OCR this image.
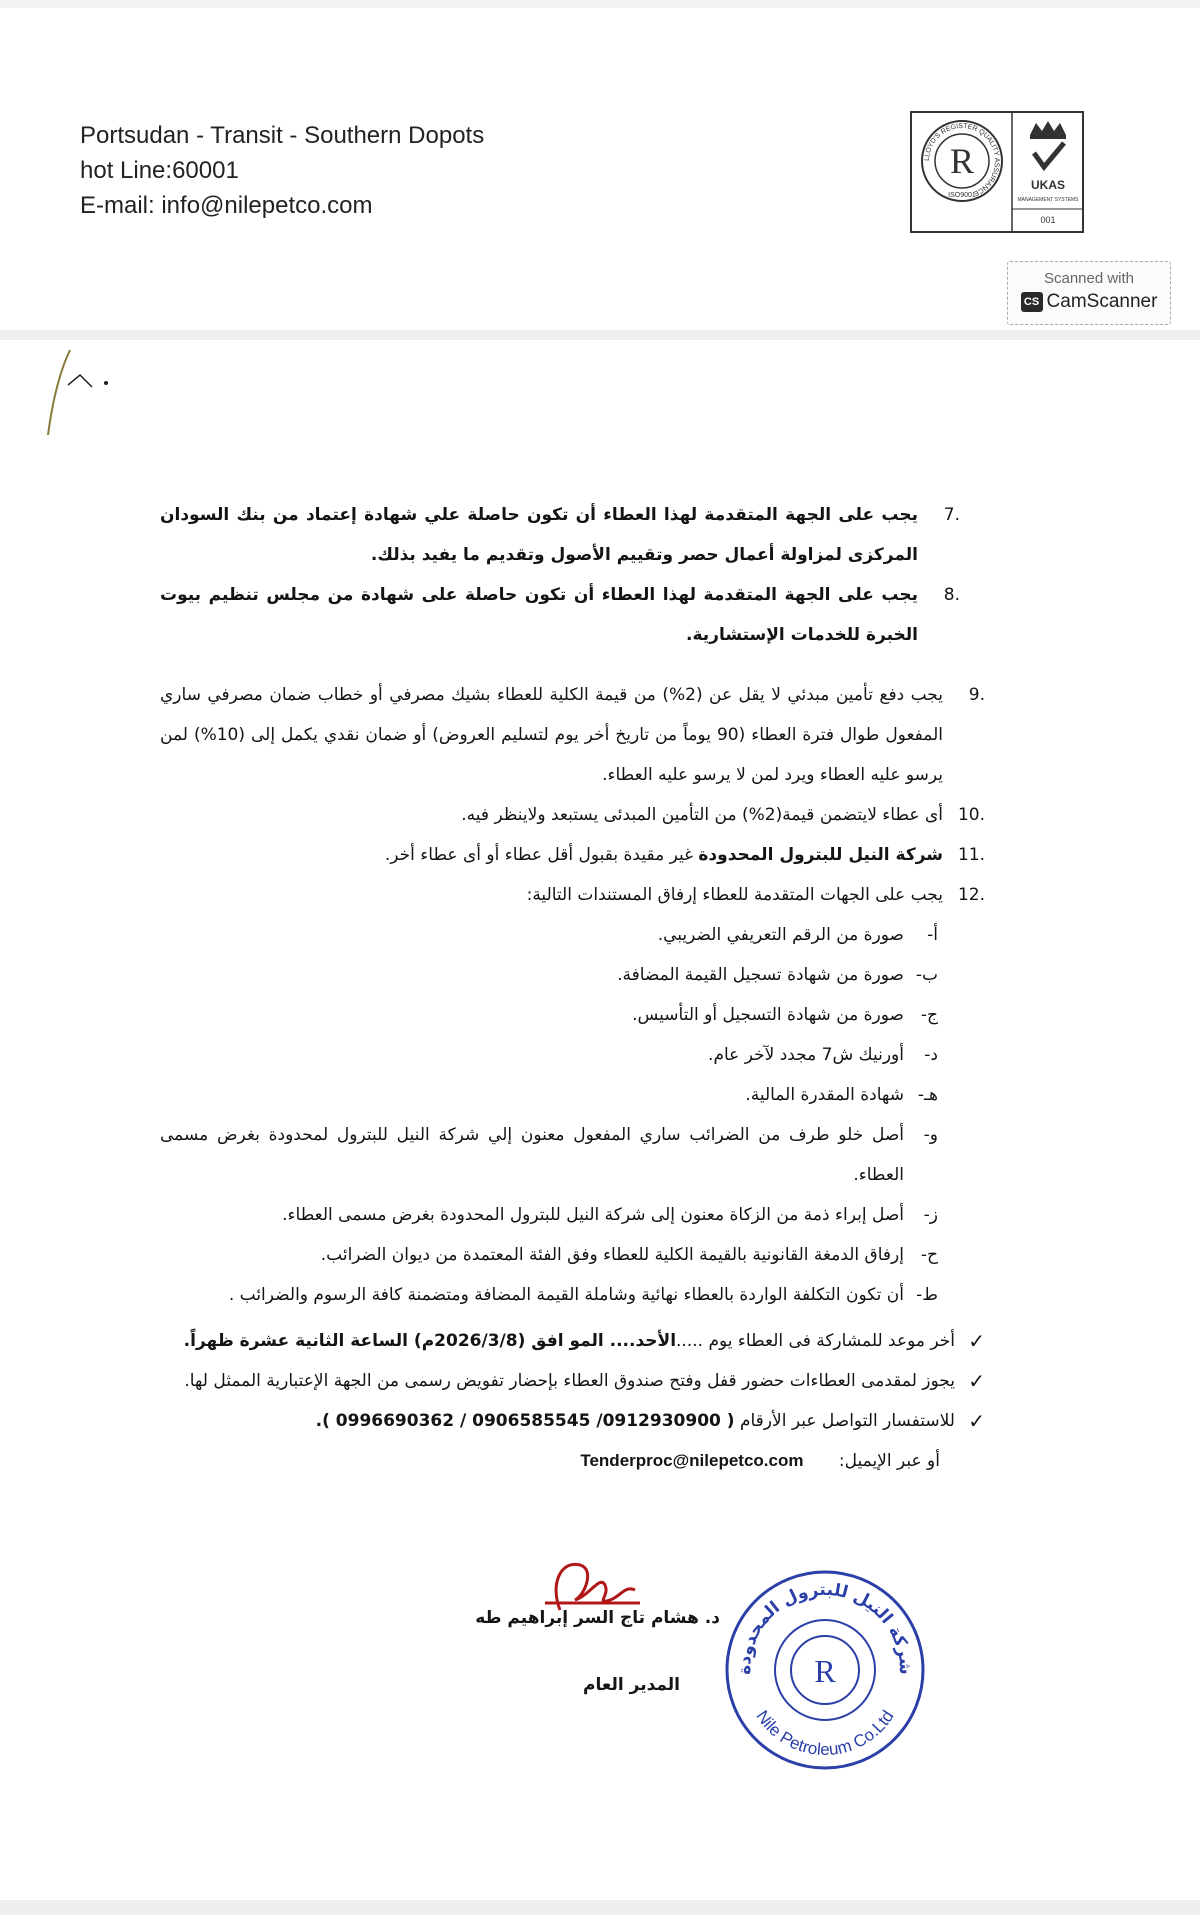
Portsudan - Transit - Southern Dopots
hot Line:60001
E-mail: info@nilepetco.com
LLOYD'S REGISTER QUALITY ASSURANCE
R
ISO9001
UKAS
MANAGEMENT SYSTEMS
001
Scanned with
CS CamScanner
7.
يجب على الجهة المتقدمة لهذا العطاء أن تكون حاصلة علي شهادة إعتماد من بنك السودان المركزى لمزاولة أعمال حصر وتقييم الأصول وتقديم ما يفيد بذلك.
8.
يجب على الجهة المتقدمة لهذا العطاء أن تكون حاصلة على شهادة من مجلس تنظيم بيوت الخبرة للخدمات الإستشارية.
9.
يجب دفع تأمين مبدئي لا يقل عن (2%) من قيمة الكلية للعطاء بشيك مصرفي أو خطاب ضمان مصرفي ساري المفعول طوال فترة العطاء (90 يوماً من تاريخ أخر يوم لتسليم العروض) أو ضمان نقدي يكمل إلى (10%) لمن يرسو عليه العطاء ويرد لمن لا يرسو عليه العطاء.
10.
أى عطاء لايتضمن قيمة(2%) من التأمين المبدئى يستبعد ولاينظر فيه.
11.
شركة النيل للبترول المحدودة غير مقيدة بقبول أقل عطاء أو أى عطاء أخر.
12.
يجب على الجهات المتقدمة للعطاء إرفاق المستندات التالية:
أ-
صورة من الرقم التعريفي الضريبي.
ب-
صورة من شهادة تسجيل القيمة المضافة.
ج-
صورة من شهادة التسجيل أو التأسيس.
د-
أورنيك ش7 مجدد لآخر عام.
هـ-
شهادة المقدرة المالية.
و-
أصل خلو طرف من الضرائب ساري المفعول معنون إلي شركة النيل للبترول لمحدودة بغرض مسمى العطاء.
ز-
أصل إبراء ذمة من الزكاة معنون إلى شركة النيل للبترول المحدودة بغرض مسمى العطاء.
ح-
إرفاق الدمغة القانونية بالقيمة الكلية للعطاء وفق الفئة المعتمدة من ديوان الضرائب.
ط-
أن تكون التكلفة الواردة بالعطاء نهائية وشاملة القيمة المضافة ومتضمنة كافة الرسوم والضرائب .
✓
أخر موعد للمشاركة فى العطاء يوم .....الأحد.... المو افق (2026/3/8م) الساعة الثانية عشرة ظهراً.
✓
يجوز لمقدمى العطاءات حضور قفل وفتح صندوق العطاء بإحضار تفويض رسمى من الجهة الإعتبارية الممثل لها.
✓
للاستفسار التواصل عبر الأرقام ( 0912930900/ 0906585545 / 0996690362 ).
أو عبر الإيميل: Tenderproc@nilepetco.com
د. هشام تاج السر إبراهيم طه
المدير العام	R
شركة النيل للبترول المحدودة
Nile Petroleum Co.Ltd
